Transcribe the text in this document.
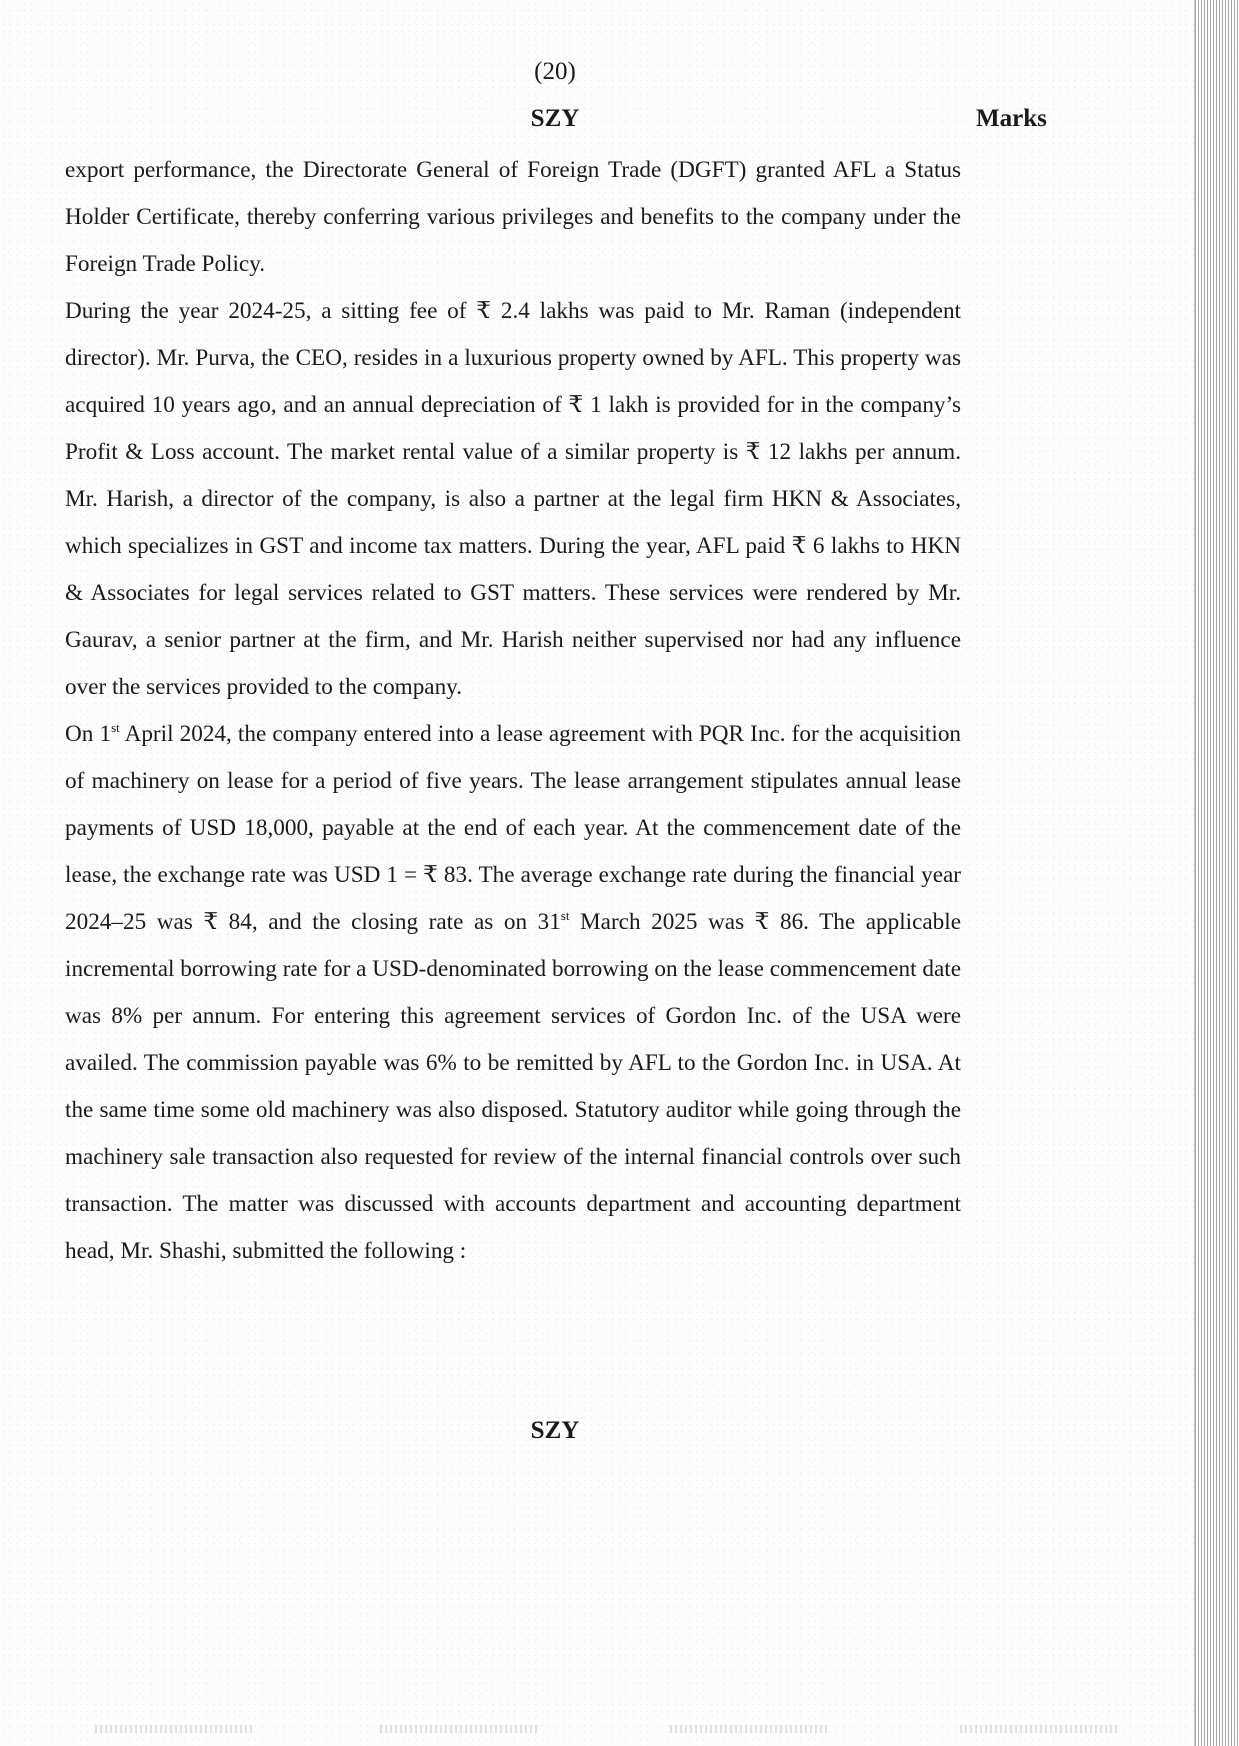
(20)
SZY	Marks

export performance, the Directorate General of Foreign Trade (DGFT) granted AFL a Status Holder Certificate, thereby conferring various privileges and benefits to the company under the Foreign Trade Policy.

During the year 2024-25, a sitting fee of ₹ 2.4 lakhs was paid to Mr. Raman (independent director). Mr. Purva, the CEO, resides in a luxurious property owned by AFL. This property was acquired 10 years ago, and an annual depreciation of ₹ 1 lakh is provided for in the company’s Profit & Loss account. The market rental value of a similar property is ₹ 12 lakhs per annum. Mr. Harish, a director of the company, is also a partner at the legal firm HKN & Associates, which specializes in GST and income tax matters. During the year, AFL paid ₹ 6 lakhs to HKN & Associates for legal services related to GST matters. These services were rendered by Mr. Gaurav, a senior partner at the firm, and Mr. Harish neither supervised nor had any influence over the services provided to the company.

On 1st April 2024, the company entered into a lease agreement with PQR Inc. for the acquisition of machinery on lease for a period of five years. The lease arrangement stipulates annual lease payments of USD 18,000, payable at the end of each year. At the commencement date of the lease, the exchange rate was USD 1 = ₹ 83. The average exchange rate during the financial year 2024–25 was ₹ 84, and the closing rate as on 31st March 2025 was ₹ 86. The applicable incremental borrowing rate for a USD-denominated borrowing on the lease commencement date was 8% per annum. For entering this agreement services of Gordon Inc. of the USA were availed. The commission payable was 6% to be remitted by AFL to the Gordon Inc. in USA. At the same time some old machinery was also disposed. Statutory auditor while going through the machinery sale transaction also requested for review of the internal financial controls over such transaction. The matter was discussed with accounts department and accounting department head, Mr. Shashi, submitted the following :

SZY
